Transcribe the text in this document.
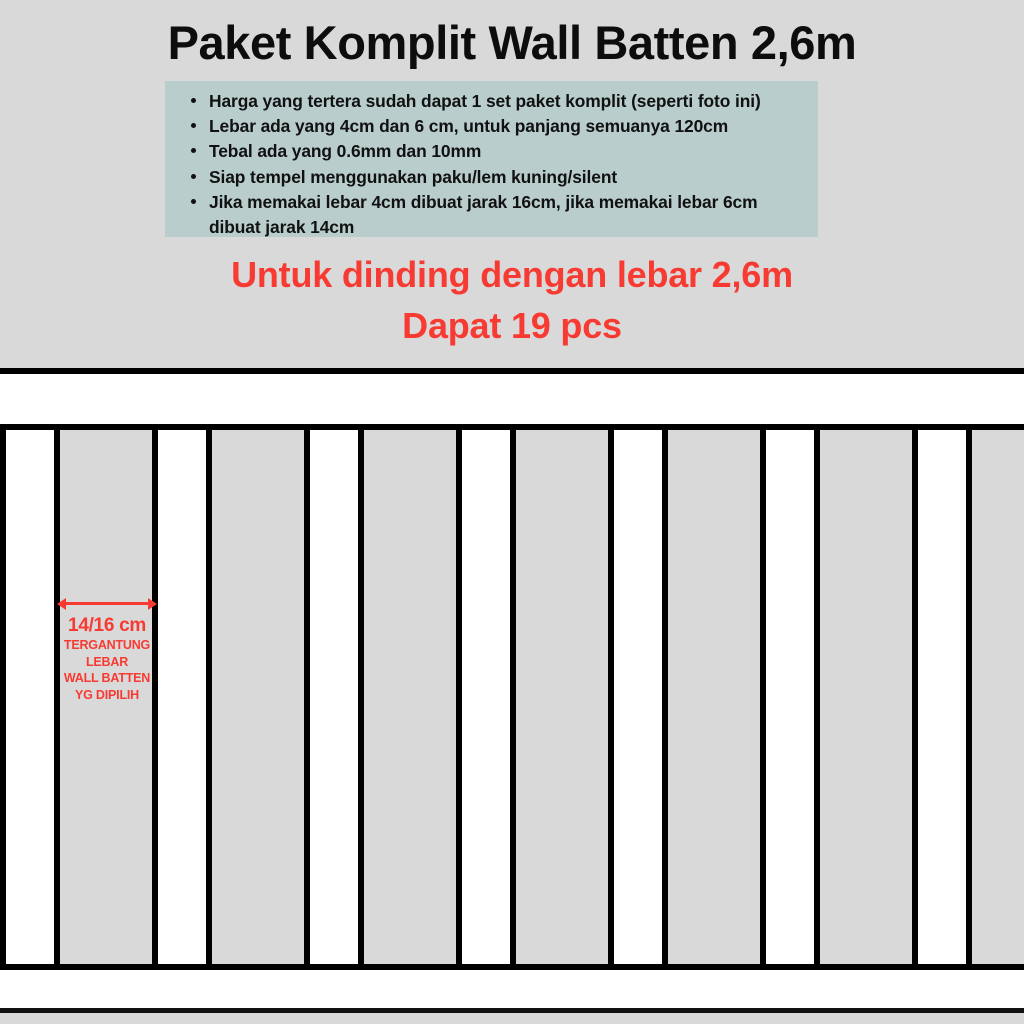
Paket Komplit Wall Batten 2,6m
Harga yang tertera sudah dapat 1 set paket komplit (seperti foto ini)
Lebar ada yang 4cm dan 6 cm, untuk panjang semuanya 120cm
Tebal ada yang 0.6mm dan 10mm
Siap tempel menggunakan paku/lem kuning/silent
Jika memakai lebar 4cm dibuat jarak 16cm, jika memakai lebar 6cm dibuat jarak 14cm
Untuk dinding dengan lebar 2,6m
Dapat 19 pcs
14/16 cm
TERGANTUNG
LEBAR
WALL BATTEN
YG DIPILIH
